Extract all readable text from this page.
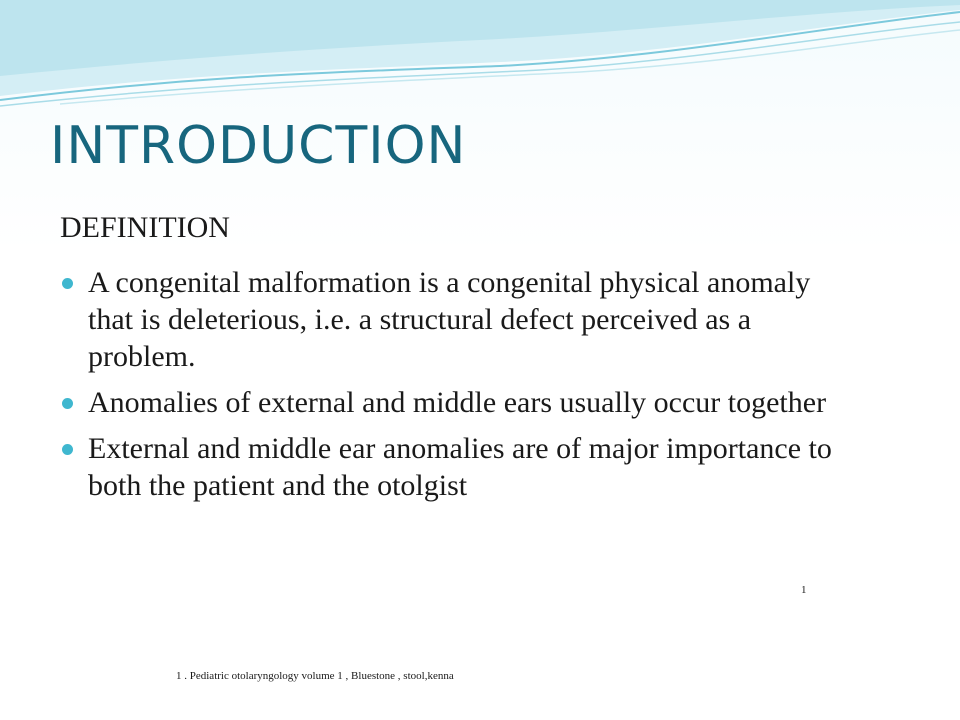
INTRODUCTION
DEFINITION
A congenital malformation is a congenital physical anomaly that is deleterious, i.e. a structural defect perceived as a problem.
Anomalies of external and middle ears usually occur together
External and middle ear anomalies are of major importance to both the patient and the otolgist
1
1 . Pediatric otolaryngology volume 1 , Bluestone , stool,kenna
